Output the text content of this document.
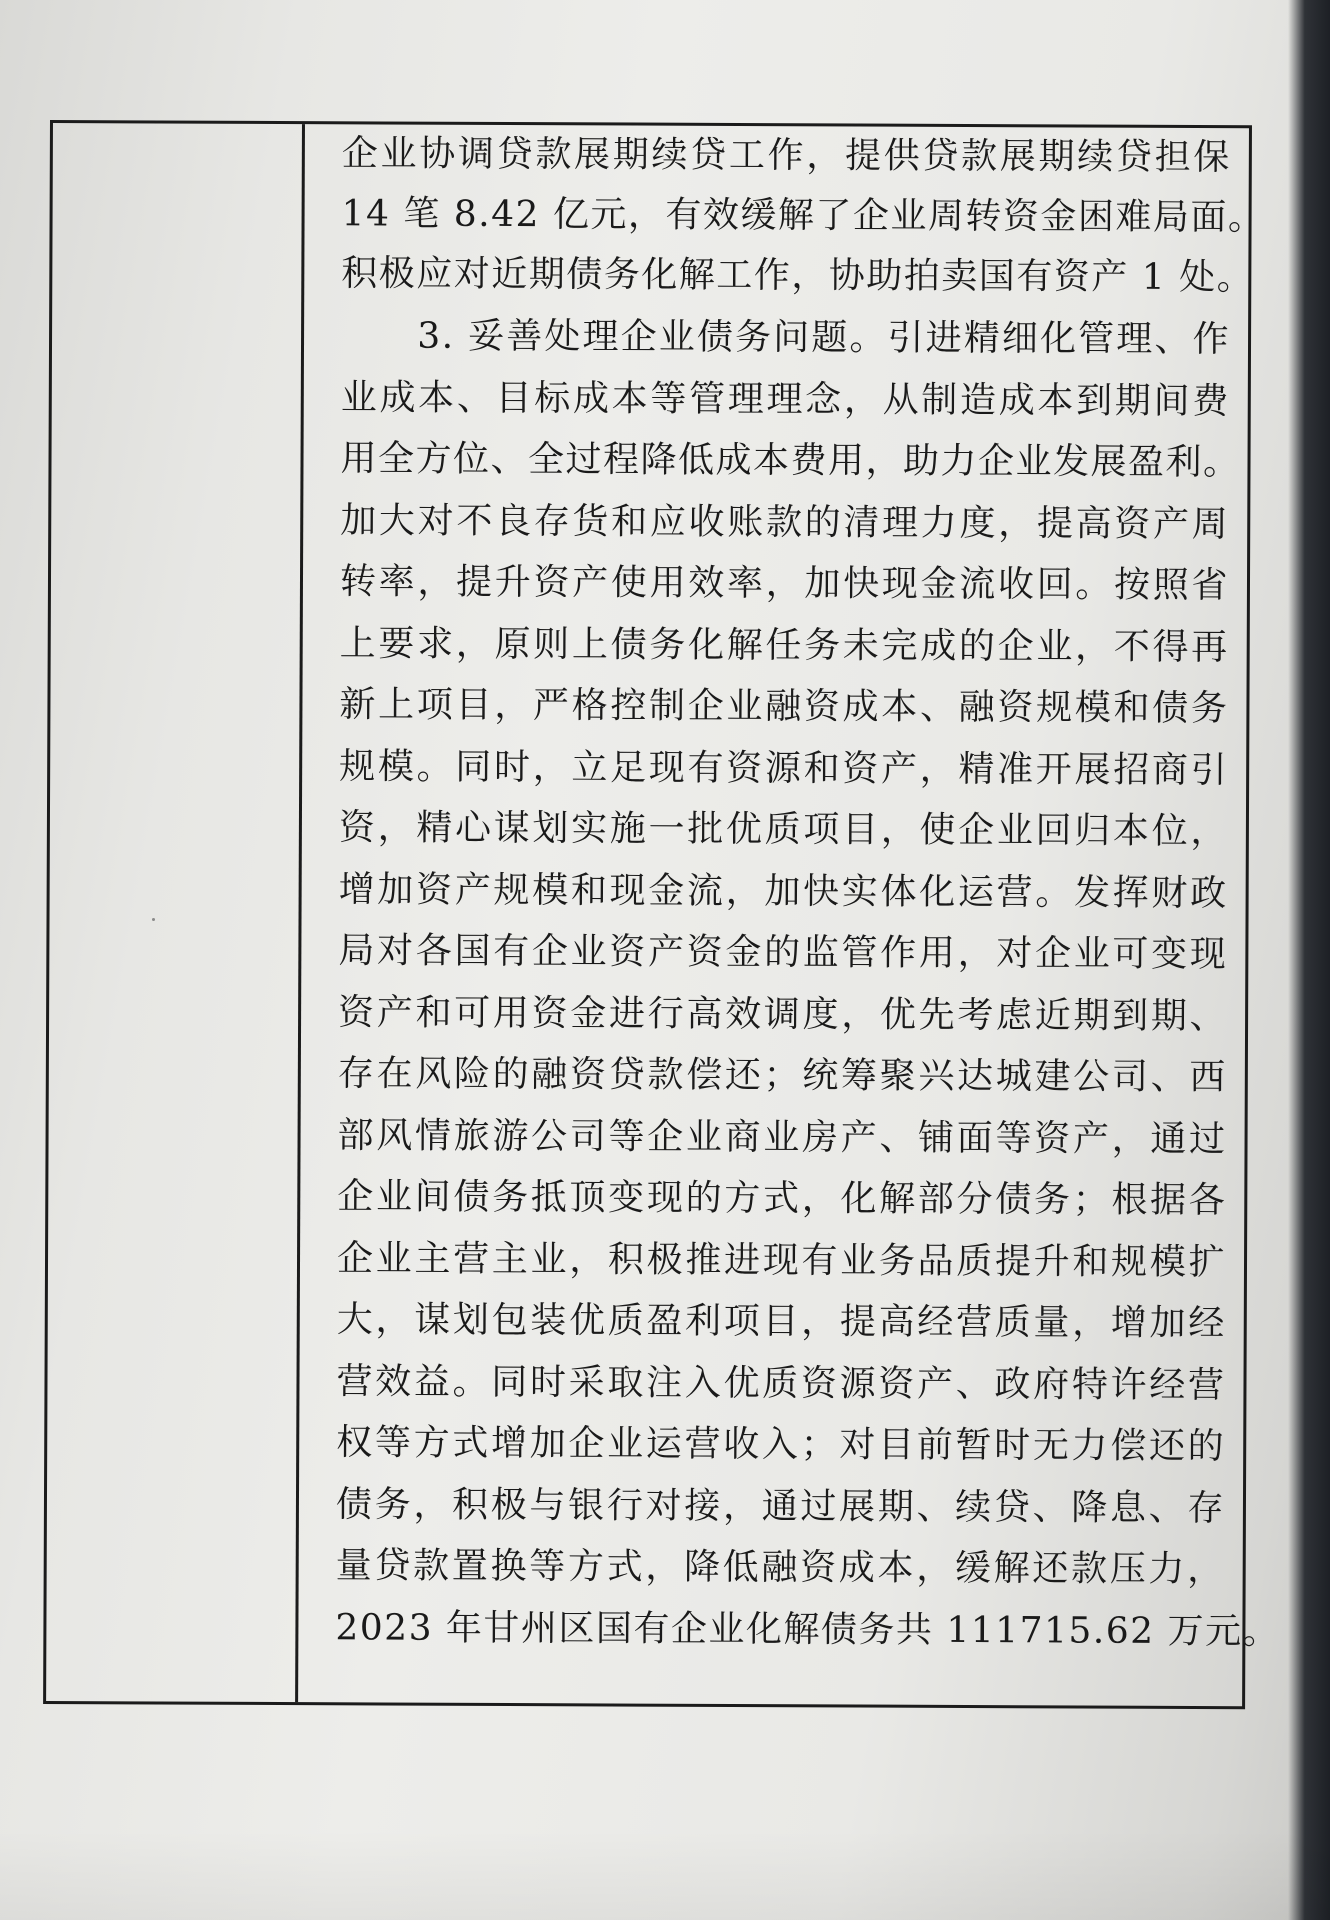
企业协调贷款展期续贷工作，提供贷款展期续贷担保
14 笔 8.42 亿元，有效缓解了企业周转资金困难局面。
积极应对近期债务化解工作，协助拍卖国有资产 1 处。
　　3. 妥善处理企业债务问题。引进精细化管理、作
业成本、目标成本等管理理念，从制造成本到期间费
用全方位、全过程降低成本费用，助力企业发展盈利。
加大对不良存货和应收账款的清理力度，提高资产周
转率，提升资产使用效率，加快现金流收回。按照省
上要求，原则上债务化解任务未完成的企业，不得再
新上项目，严格控制企业融资成本、融资规模和债务
规模。同时，立足现有资源和资产，精准开展招商引
资，精心谋划实施一批优质项目，使企业回归本位，
增加资产规模和现金流，加快实体化运营。发挥财政
局对各国有企业资产资金的监管作用，对企业可变现
资产和可用资金进行高效调度，优先考虑近期到期、
存在风险的融资贷款偿还；统筹聚兴达城建公司、西
部风情旅游公司等企业商业房产、铺面等资产，通过
企业间债务抵顶变现的方式，化解部分债务；根据各
企业主营主业，积极推进现有业务品质提升和规模扩
大，谋划包装优质盈利项目，提高经营质量，增加经
营效益。同时采取注入优质资源资产、政府特许经营
权等方式增加企业运营收入；对目前暂时无力偿还的
债务，积极与银行对接，通过展期、续贷、降息、存
量贷款置换等方式，降低融资成本，缓解还款压力，
2023 年甘州区国有企业化解债务共 111715.62 万元。
